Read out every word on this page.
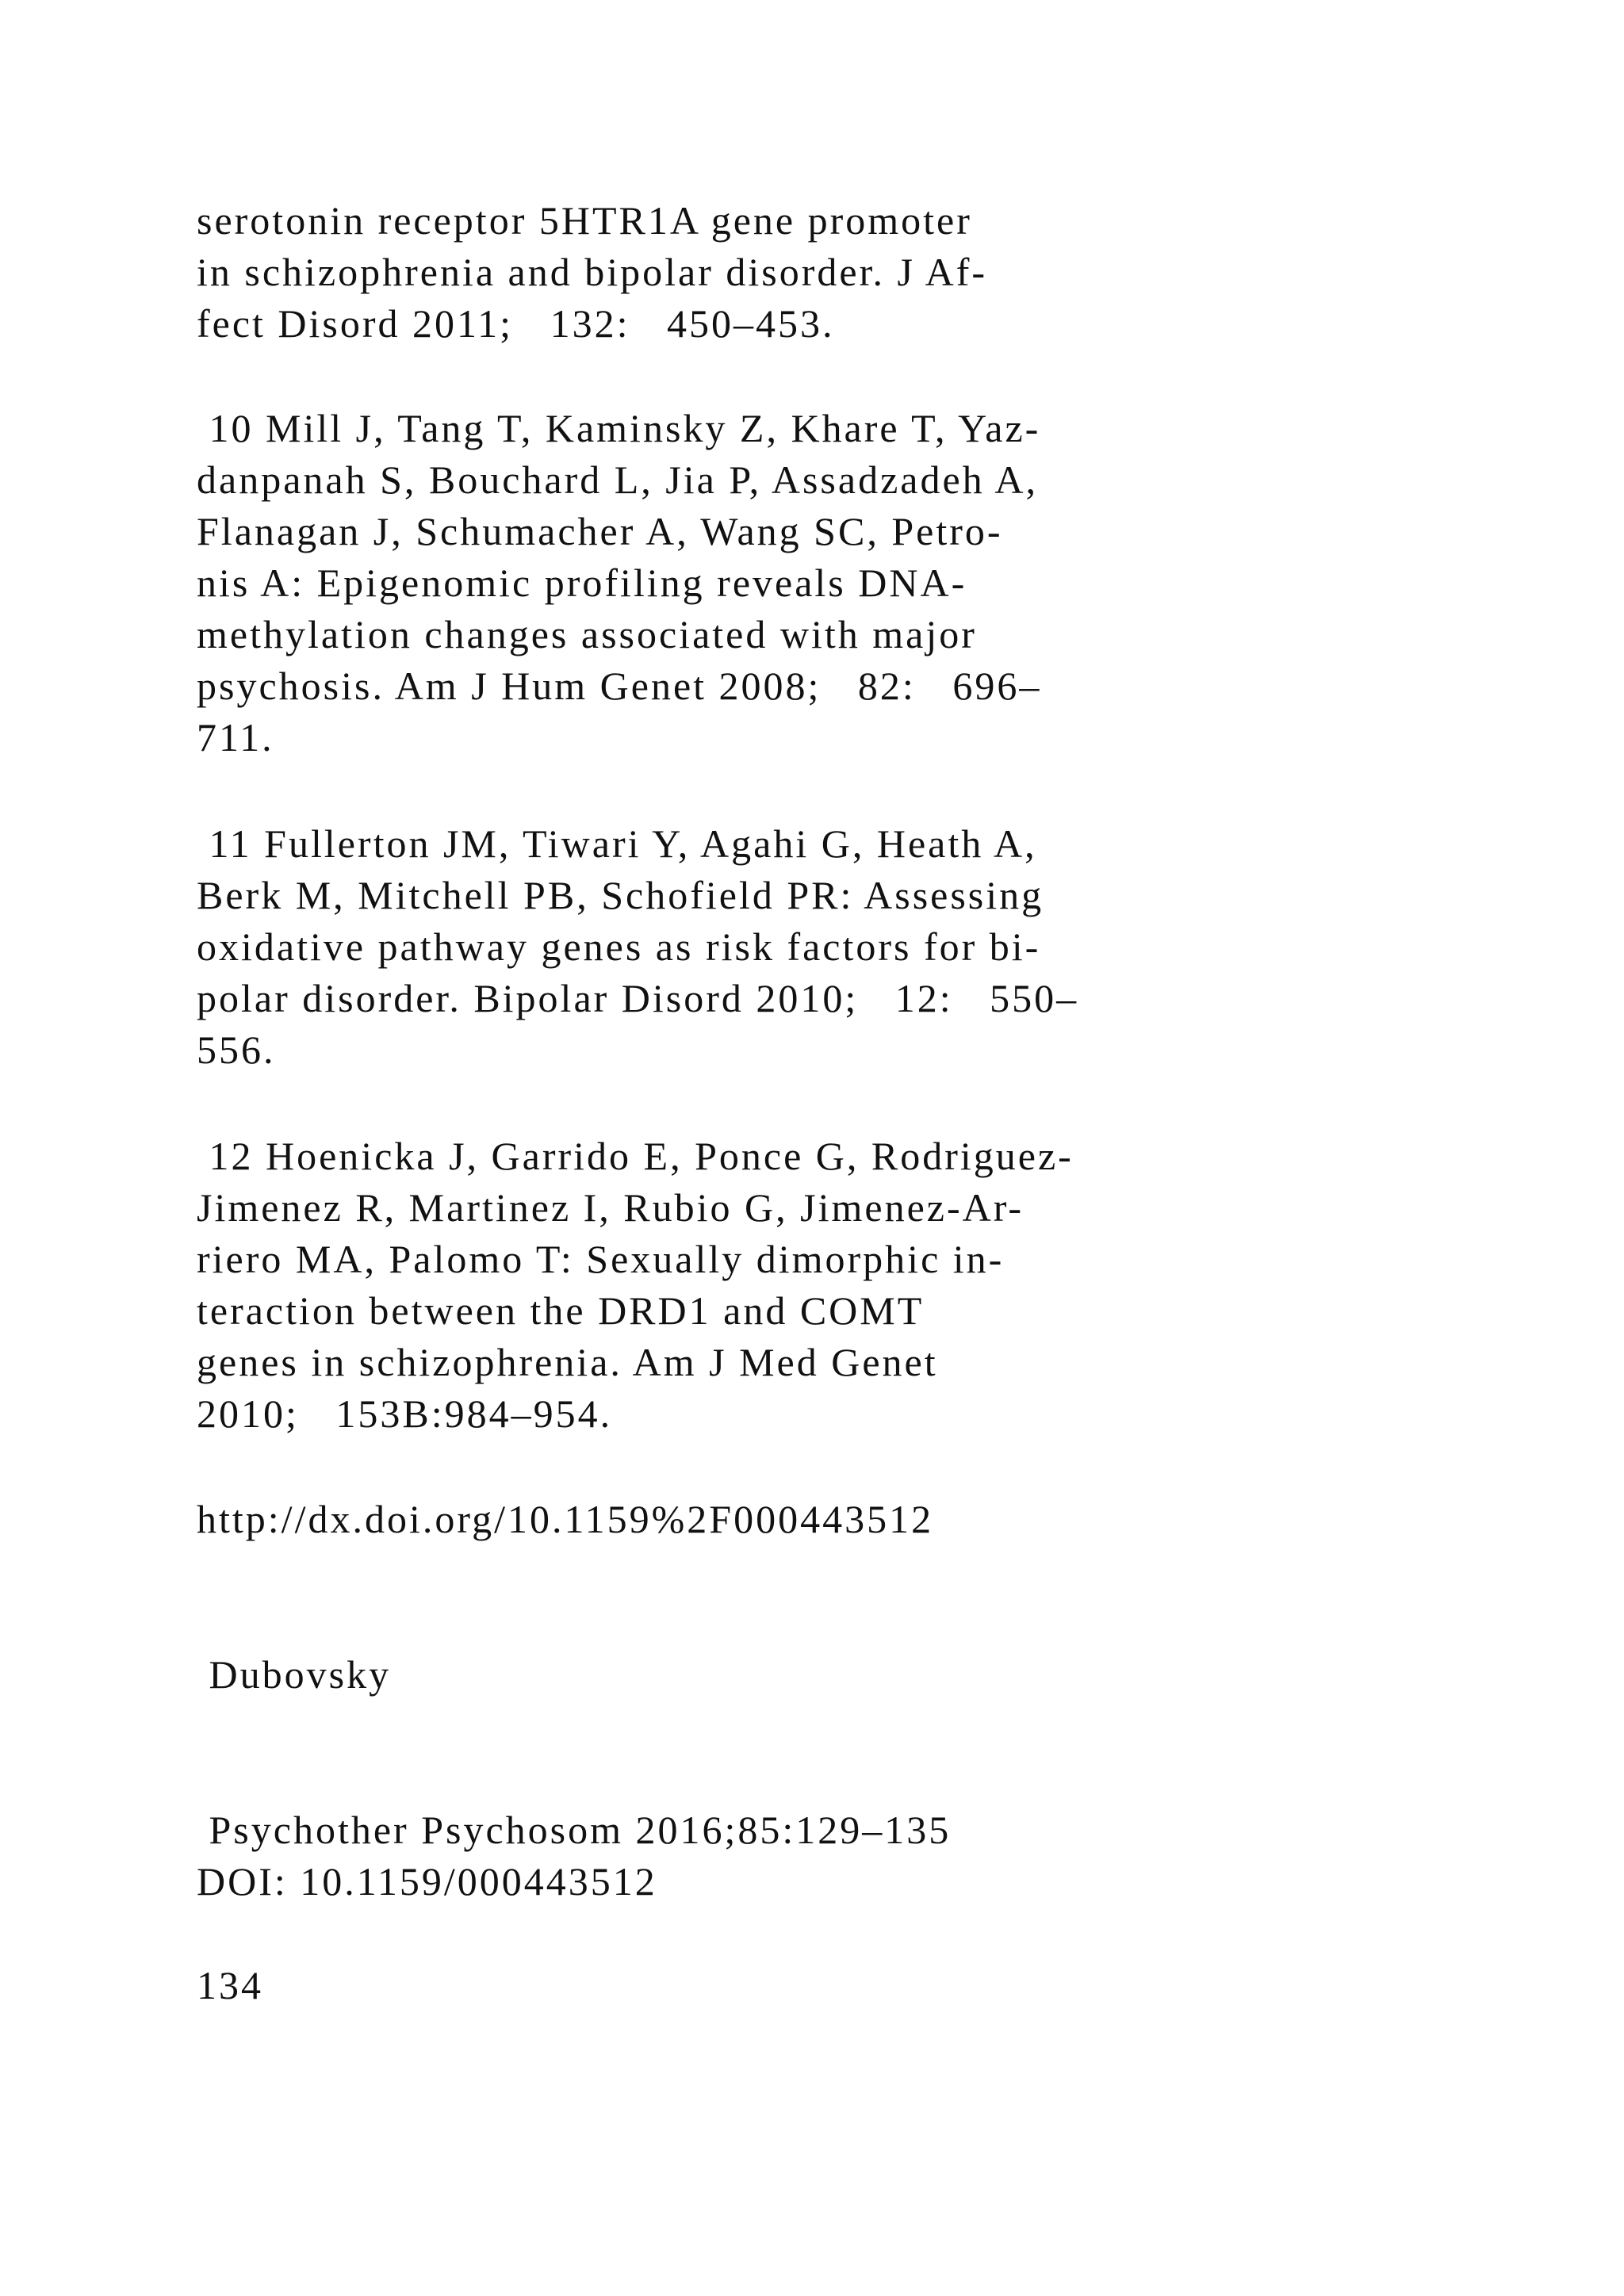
serotonin receptor 5HTR1A gene promoter
in schizophrenia and bipolar disorder. J Af-
fect Disord 2011;   132:   450–453.
10 Mill J, Tang T, Kaminsky Z, Khare T, Yaz-
danpanah S, Bouchard L, Jia P, Assadzadeh A,
Flanagan J, Schumacher A, Wang SC, Petro-
nis A: Epigenomic profiling reveals DNA-
methylation changes associated with major
psychosis. Am J Hum Genet 2008;   82:   696–
711.
11 Fullerton JM, Tiwari Y, Agahi G, Heath A,
Berk M, Mitchell PB, Schofield PR: Assessing
oxidative pathway genes as risk factors for bi-
polar disorder. Bipolar Disord 2010;   12:   550–
556.
12 Hoenicka J, Garrido E, Ponce G, Rodriguez-
Jimenez R, Martinez I, Rubio G, Jimenez-Ar-
riero MA, Palomo T: Sexually dimorphic in-
teraction between the DRD1 and COMT
genes in schizophrenia. Am J Med Genet
2010;   153B:984–954.
http://dx.doi.org/10.1159%2F000443512
Dubovsky
Psychother Psychosom 2016;85:129–135
DOI: 10.1159/000443512
134
